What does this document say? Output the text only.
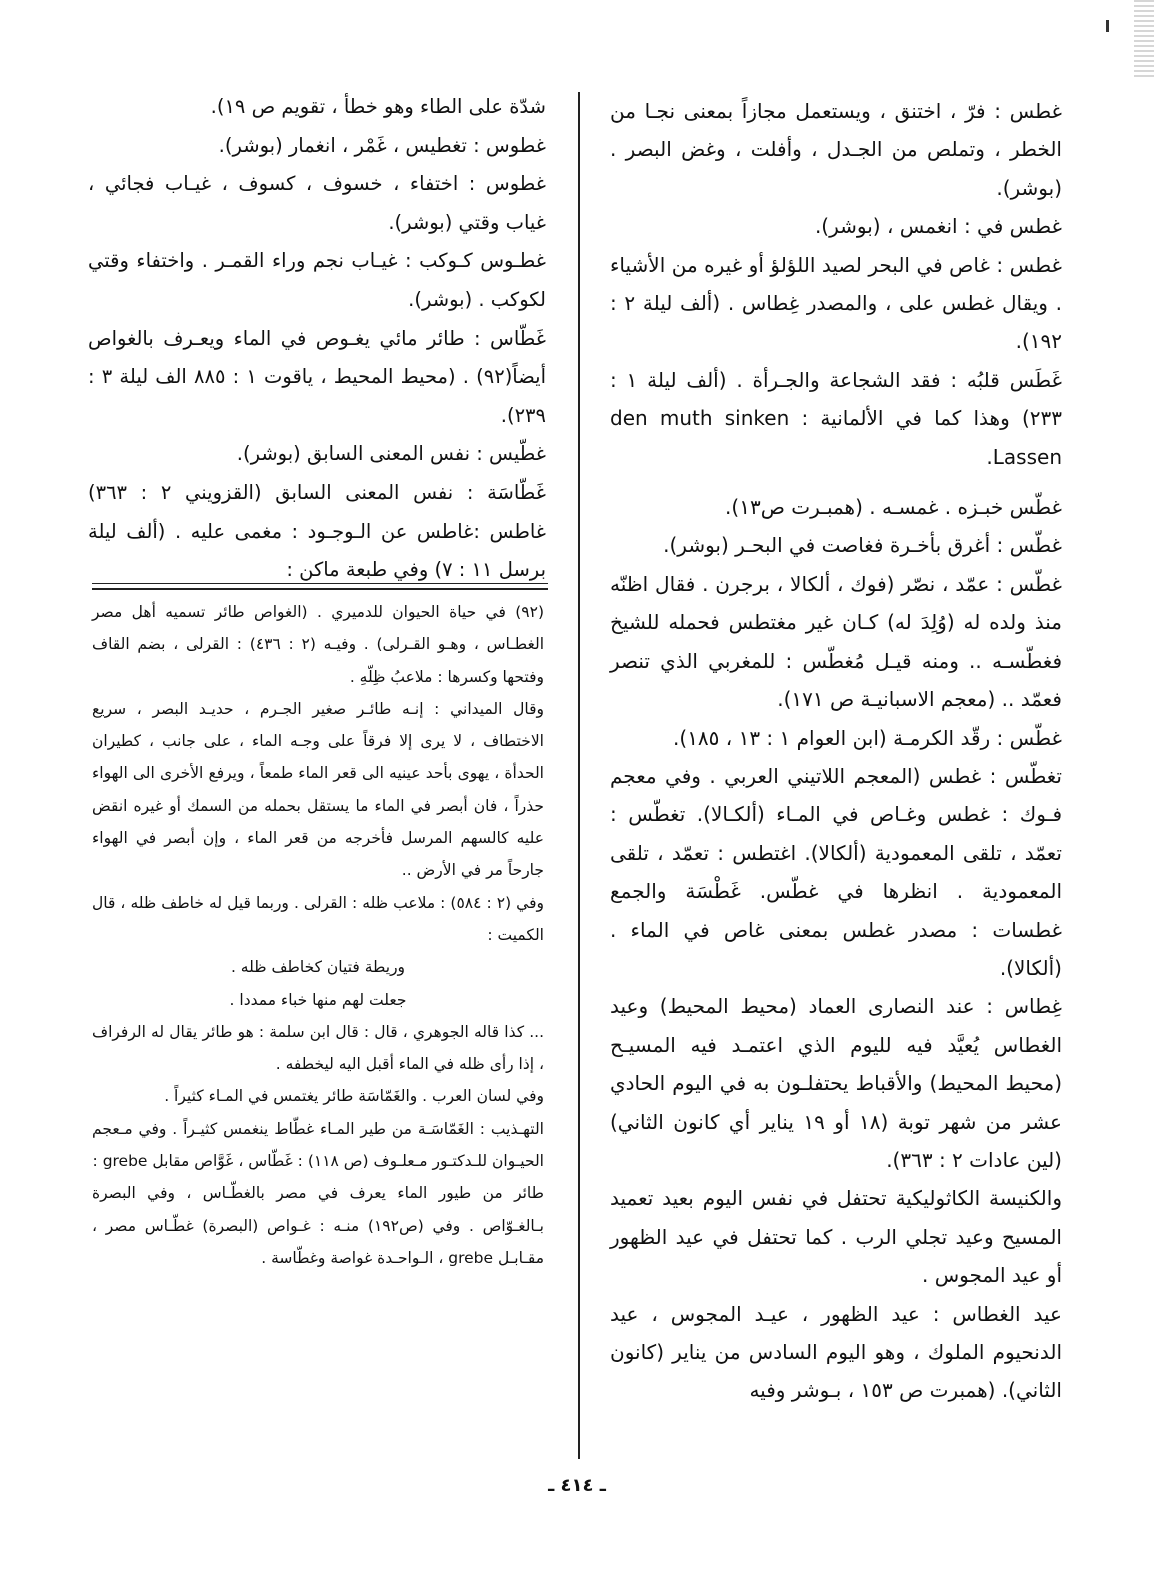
غطس : فرّ ، اختنق ، ويستعمل مجازاً بمعنى نجـا من الخطر ، وتملص من الجـدل ، وأفلت ، وغض البصر . (بوشر).

غطس في : انغمس ، (بوشر).

غطس : غاص في البحر لصيد اللؤلؤ أو غيره من الأشياء . ويقال غطس على ، والمصدر غِطاس . (ألف ليلة ٢ : ١٩٢).

غَطَس قلبُه : فقد الشجاعة والجـرأة . (ألف ليلة ١ : ٢٣٣) وهذا كما في الألمانية : den muth sinken Lassen.

غطّس خبـزه . غمسـه . (همبـرت ص١٣).

غطّس : أغرق بأخـرة فغاصت في البحـر (بوشر).

غطّس : عمّد ، نصّر (فوك ، ألكالا ، برجرن . فقال اظنّه منذ ولده له (وُلِدَ له) كـان غير مغتطس فحمله للشيخ فغطّسـه .. ومنه قيـل مُغطّس : للمغربي الذي تنصر فعمّد .. (معجم الاسبانيـة ص ١٧١).

غطّس : رقّد الكرمـة (ابن العوام ١ : ١٣ ، ١٨٥).

تغطّس : غطس (المعجم اللاتيني العربي . وفي معجم فـوك : غطس وغـاص في المـاء (ألكـالا). تغطّس : تعمّد ، تلقى المعمودية (ألكالا). اغتطس : تعمّد ، تلقى المعمودية . انظرها في غطّس. غَطْسَة والجمع غطسات : مصدر غطس بمعنى غاص في الماء . (ألكالا).

غِطاس : عند النصارى العماد (محيط المحيط) وعيد الغطاس يُعيَّد فيه لليوم الذي اعتمـد فيه المسيـح (محيط المحيط) والأقباط يحتفلـون به في اليوم الحادي عشر من شهر توبة (١٨ أو ١٩ يناير أي كانون الثاني) (لين عادات ٢ : ٣٦٣).

والكنيسة الكاثوليكية تحتفل في نفس اليوم بعيد تعميد المسيح وعيد تجلي الرب . كما تحتفل في عيد الظهور أو عيد المجوس .

عيد الغطاس : عيد الظهور ، عيـد المجوس ، عيد الدنحيوم الملوك ، وهو اليوم السادس من يناير (كانون الثاني). (همبرت ص ١٥٣ ، بـوشر وفيه

شدّة على الطاء وهو خطأ ، تقويم ص ١٩).

غطوس : تغطيس ، غَمْر ، انغمار (بوشر).

غطوس : اختفاء ، خسوف ، كسوف ، غيـاب فجائي ، غياب وقتي (بوشر).

غطـوس كـوكب : غيـاب نجم وراء القمـر . واختفاء وقتي لكوكب . (بوشر).

غَطّاس : طائر مائي يغـوص في الماء ويعـرف بالغواص أيضاً(٩٢) . (محيط المحيط ، ياقوت ١ : ٨٨٥ الف ليلة ٣ : ٢٣٩).

غطّيس : نفس المعنى السابق (بوشر).

غَطّاسَة : نفس المعنى السابق (القزويني ٢ : ٣٦٣) غاطس :غاطس عن الـوجـود : مغمى عليه . (ألف ليلة برسل ١١ : ٧) وفي طبعة ماكن :

(٩٢) في حياة الحيوان للدميري . (الغواص طائر تسميه أهل مصر الغطـاس ، وهـو القـرلى) . وفيـه (٢ : ٤٣٦) : القرلى ، بضم القاف وفتحها وكسرها : ملاعبُ ظِلّهِ .

وقال الميداني : إنـه طائـر صغير الجـرم ، حديـد البصر ، سريع الاختطاف ، لا يرى إلا فرقاً على وجـه الماء ، على جانب ، كطيران الحدأة ، يهوى بأحد عينيه الى قعر الماء طمعاً ، ويرفع الأخرى الى الهواء حذراً ، فان أبصر في الماء ما يستقل بحمله من السمك أو غيره انقض عليه كالسهم المرسل فأخرجه من قعر الماء ، وإن أبصر في الهواء جارحاً مر في الأرض ..

وفي (٢ : ٥٨٤) : ملاعب ظله : القرلى . وربما قيل له خاطف ظله ، قال الكميت :

وريطة فتيان كخاطف ظله .

جعلت لهم منها خباء ممددا .

... كذا قاله الجوهري ، قال : قال ابن سلمة : هو طائر يقال له الرفراف ، إذا رأى ظله في الماء أقبل اليه ليخطفه .

وفي لسان العرب . والغَمّاسَة طائر يغتمس في المـاء كثيراً .

التهـذيب : الغَمّاسَـة من طير المـاء غطّاط ينغمس كثيـراً . وفي مـعجم الحيـوان للـدكتـور مـعلـوف (ص ١١٨) : غَطّاس ، غَوَّاص مقابل grebe :

طائر من طيور الماء يعرف في مصر بالغطّـاس ، وفي البصرة بـالغـوّاص . وفي (ص١٩٢) منـه : غـواص (البصرة) غطّـاس مصر ، مقـابـل grebe ، الـواحـدة غواصة وغطّاسة .

ـ ٤١٤ ـ
